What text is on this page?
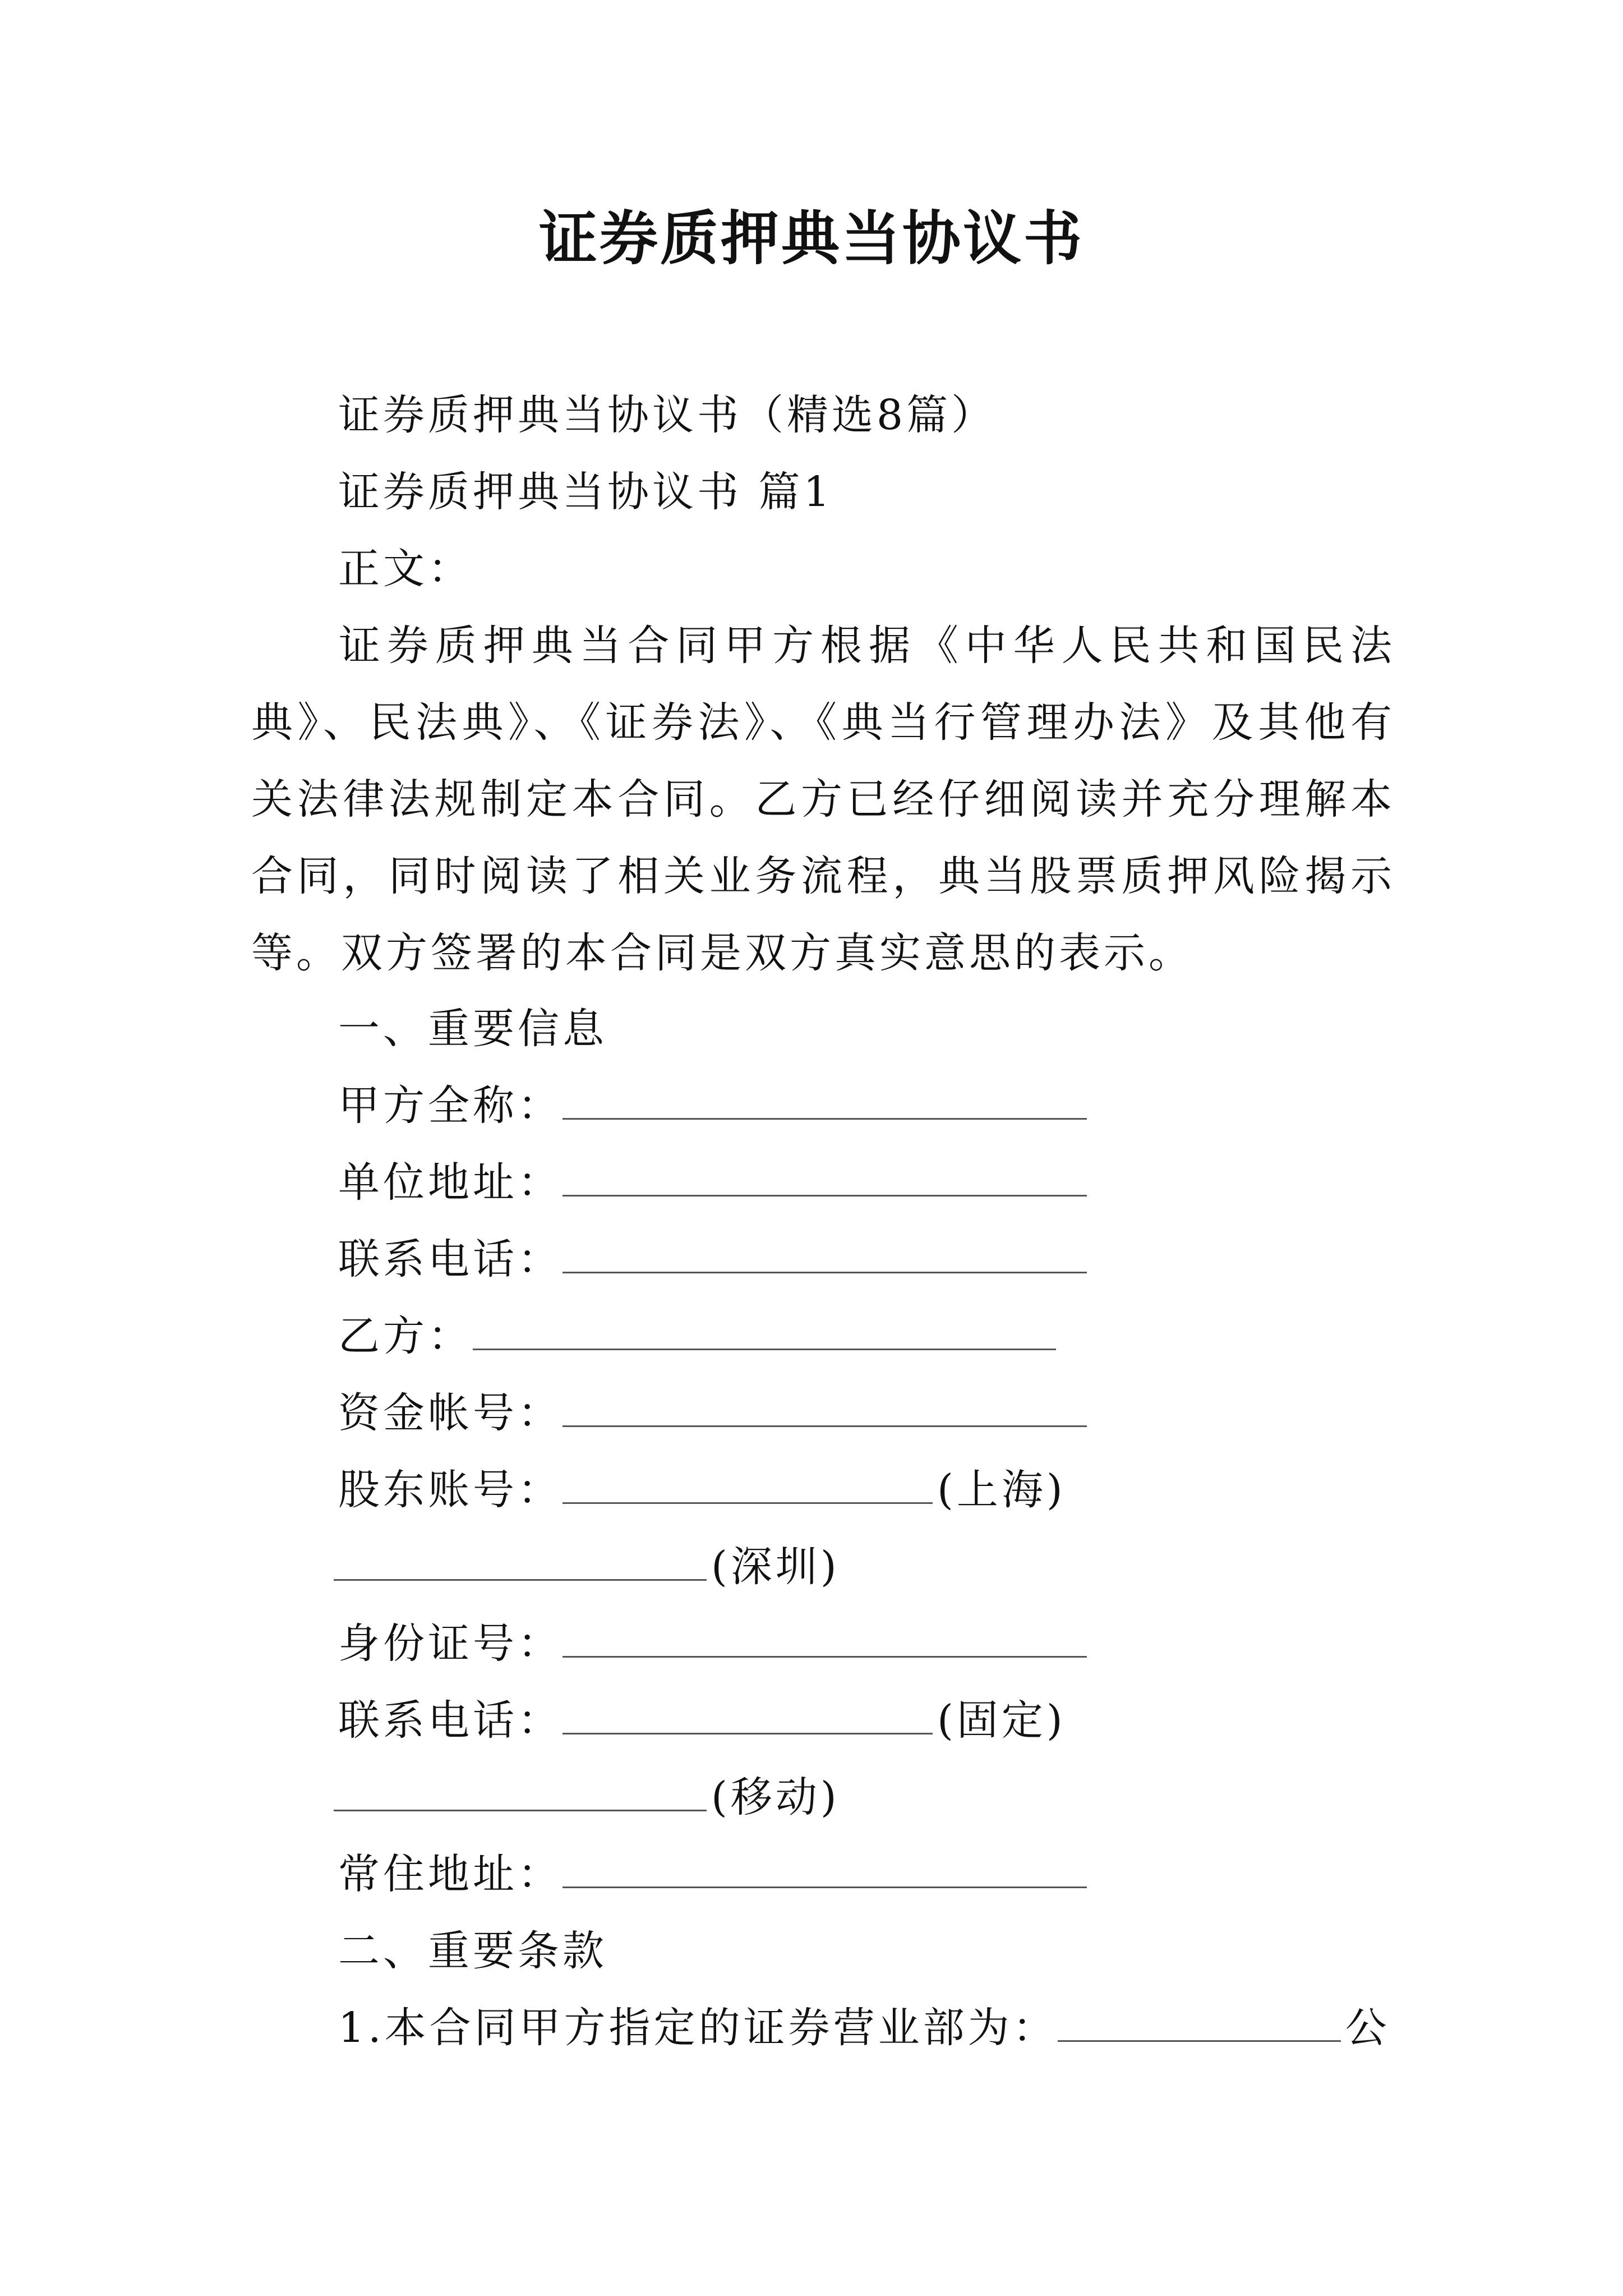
证券质押典当协议书
证券质押典当协议书（精选8篇）
证券质押典当协议书 篇1
正文：
证券质押典当合同甲方根据《中华人民共和国民法典》、民法典》、《证券法》、《典当行管理办法》及其他有关法律法规制定本合同。乙方已经仔细阅读并充分理解本合同，同时阅读了相关业务流程，典当股票质押风险揭示等。双方签署的本合同是双方真实意思的表示。
一、重要信息
甲方全称：
单位地址：
联系电话：
乙方：
资金帐号：
股东账号：	(上海)
(深圳)
身份证号：
联系电话：	(固定)
(移动)
常住地址：
二、重要条款
1.本合同甲方指定的证券营业部为：	公
